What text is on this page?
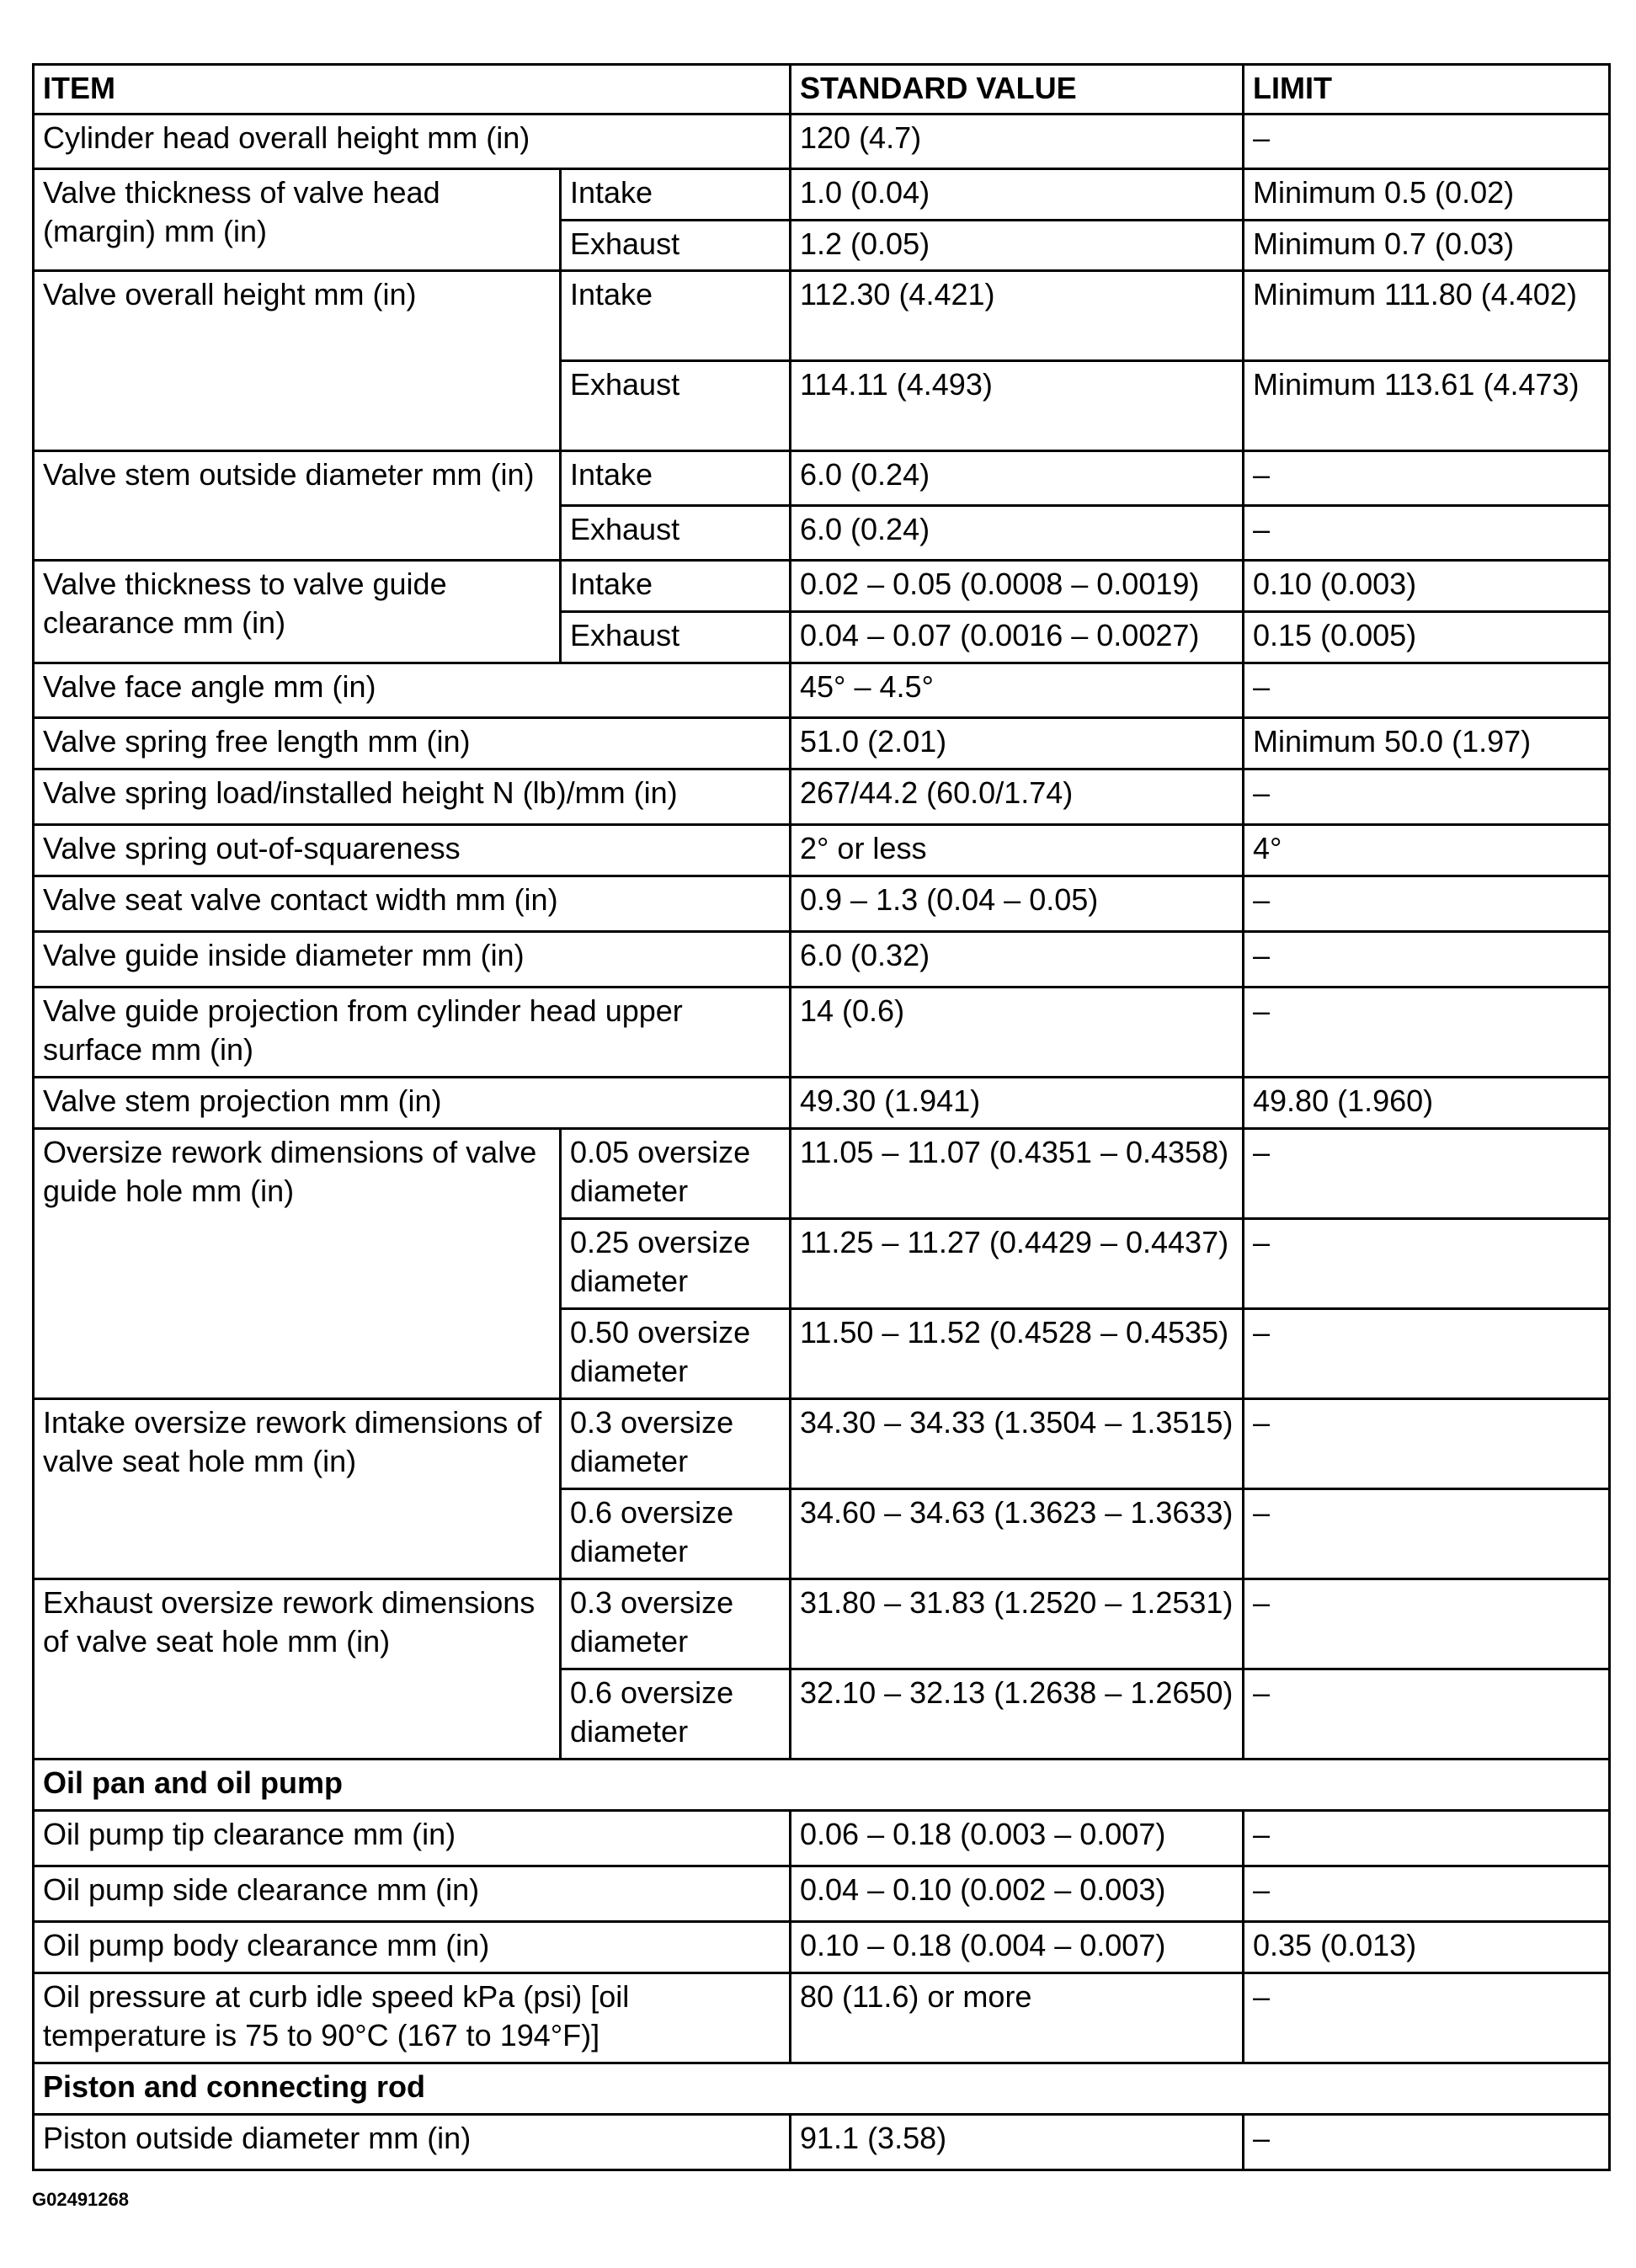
ITEM		STANDARD VALUE	LIMIT
Cylinder head overall height mm (in)		120 (4.7)	–
Valve thickness of valve head (margin) mm (in)	Intake	1.0 (0.04)	Minimum 0.5 (0.02)
	Exhaust	1.2 (0.05)	Minimum 0.7 (0.03)
Valve overall height mm (in)	Intake	112.30 (4.421)	Minimum 111.80 (4.402)
	Exhaust	114.11 (4.493)	Minimum 113.61 (4.473)
Valve stem outside diameter mm (in)	Intake	6.0 (0.24)	–
	Exhaust	6.0 (0.24)	–
Valve thickness to valve guide clearance mm (in)	Intake	0.02 – 0.05 (0.0008 – 0.0019)	0.10 (0.003)
	Exhaust	0.04 – 0.07 (0.0016 – 0.0027)	0.15 (0.005)
Valve face angle mm (in)		45° – 4.5°	–
Valve spring free length mm (in)		51.0 (2.01)	Minimum 50.0 (1.97)
Valve spring load/installed height N (lb)/mm (in)		267/44.2 (60.0/1.74)	–
Valve spring out-of-squareness		2° or less	4°
Valve seat valve contact width mm (in)		0.9 – 1.3 (0.04 – 0.05)	–
Valve guide inside diameter mm (in)		6.0 (0.32)	–
Valve guide projection from cylinder head upper surface mm (in)		14 (0.6)	–
Valve stem projection mm (in)		49.30 (1.941)	49.80 (1.960)
Oversize rework dimensions of valve guide hole mm (in)	0.05 oversize diameter	11.05 – 11.07 (0.4351 – 0.4358)	–
	0.25 oversize diameter	11.25 – 11.27 (0.4429 – 0.4437)	–
	0.50 oversize diameter	11.50 – 11.52 (0.4528 – 0.4535)	–
Intake oversize rework dimensions of valve seat hole mm (in)	0.3 oversize diameter	34.30 – 34.33 (1.3504 – 1.3515)	–
	0.6 oversize diameter	34.60 – 34.63 (1.3623 – 1.3633)	–
Exhaust oversize rework dimensions of valve seat hole mm (in)	0.3 oversize diameter	31.80 – 31.83 (1.2520 – 1.2531)	–
	0.6 oversize diameter	32.10 – 32.13 (1.2638 – 1.2650)	–
Oil pan and oil pump			
Oil pump tip clearance mm (in)		0.06 – 0.18 (0.003 – 0.007)	–
Oil pump side clearance mm (in)		0.04 – 0.10 (0.002 – 0.003)	–
Oil pump body clearance mm (in)		0.10 – 0.18 (0.004 – 0.007)	0.35 (0.013)
Oil pressure at curb idle speed kPa (psi) [oil temperature is 75 to 90°C (167 to 194°F)]		80 (11.6) or more	–
Piston and connecting rod			
Piston outside diameter mm (in)		91.1 (3.58)	–
G02491268
